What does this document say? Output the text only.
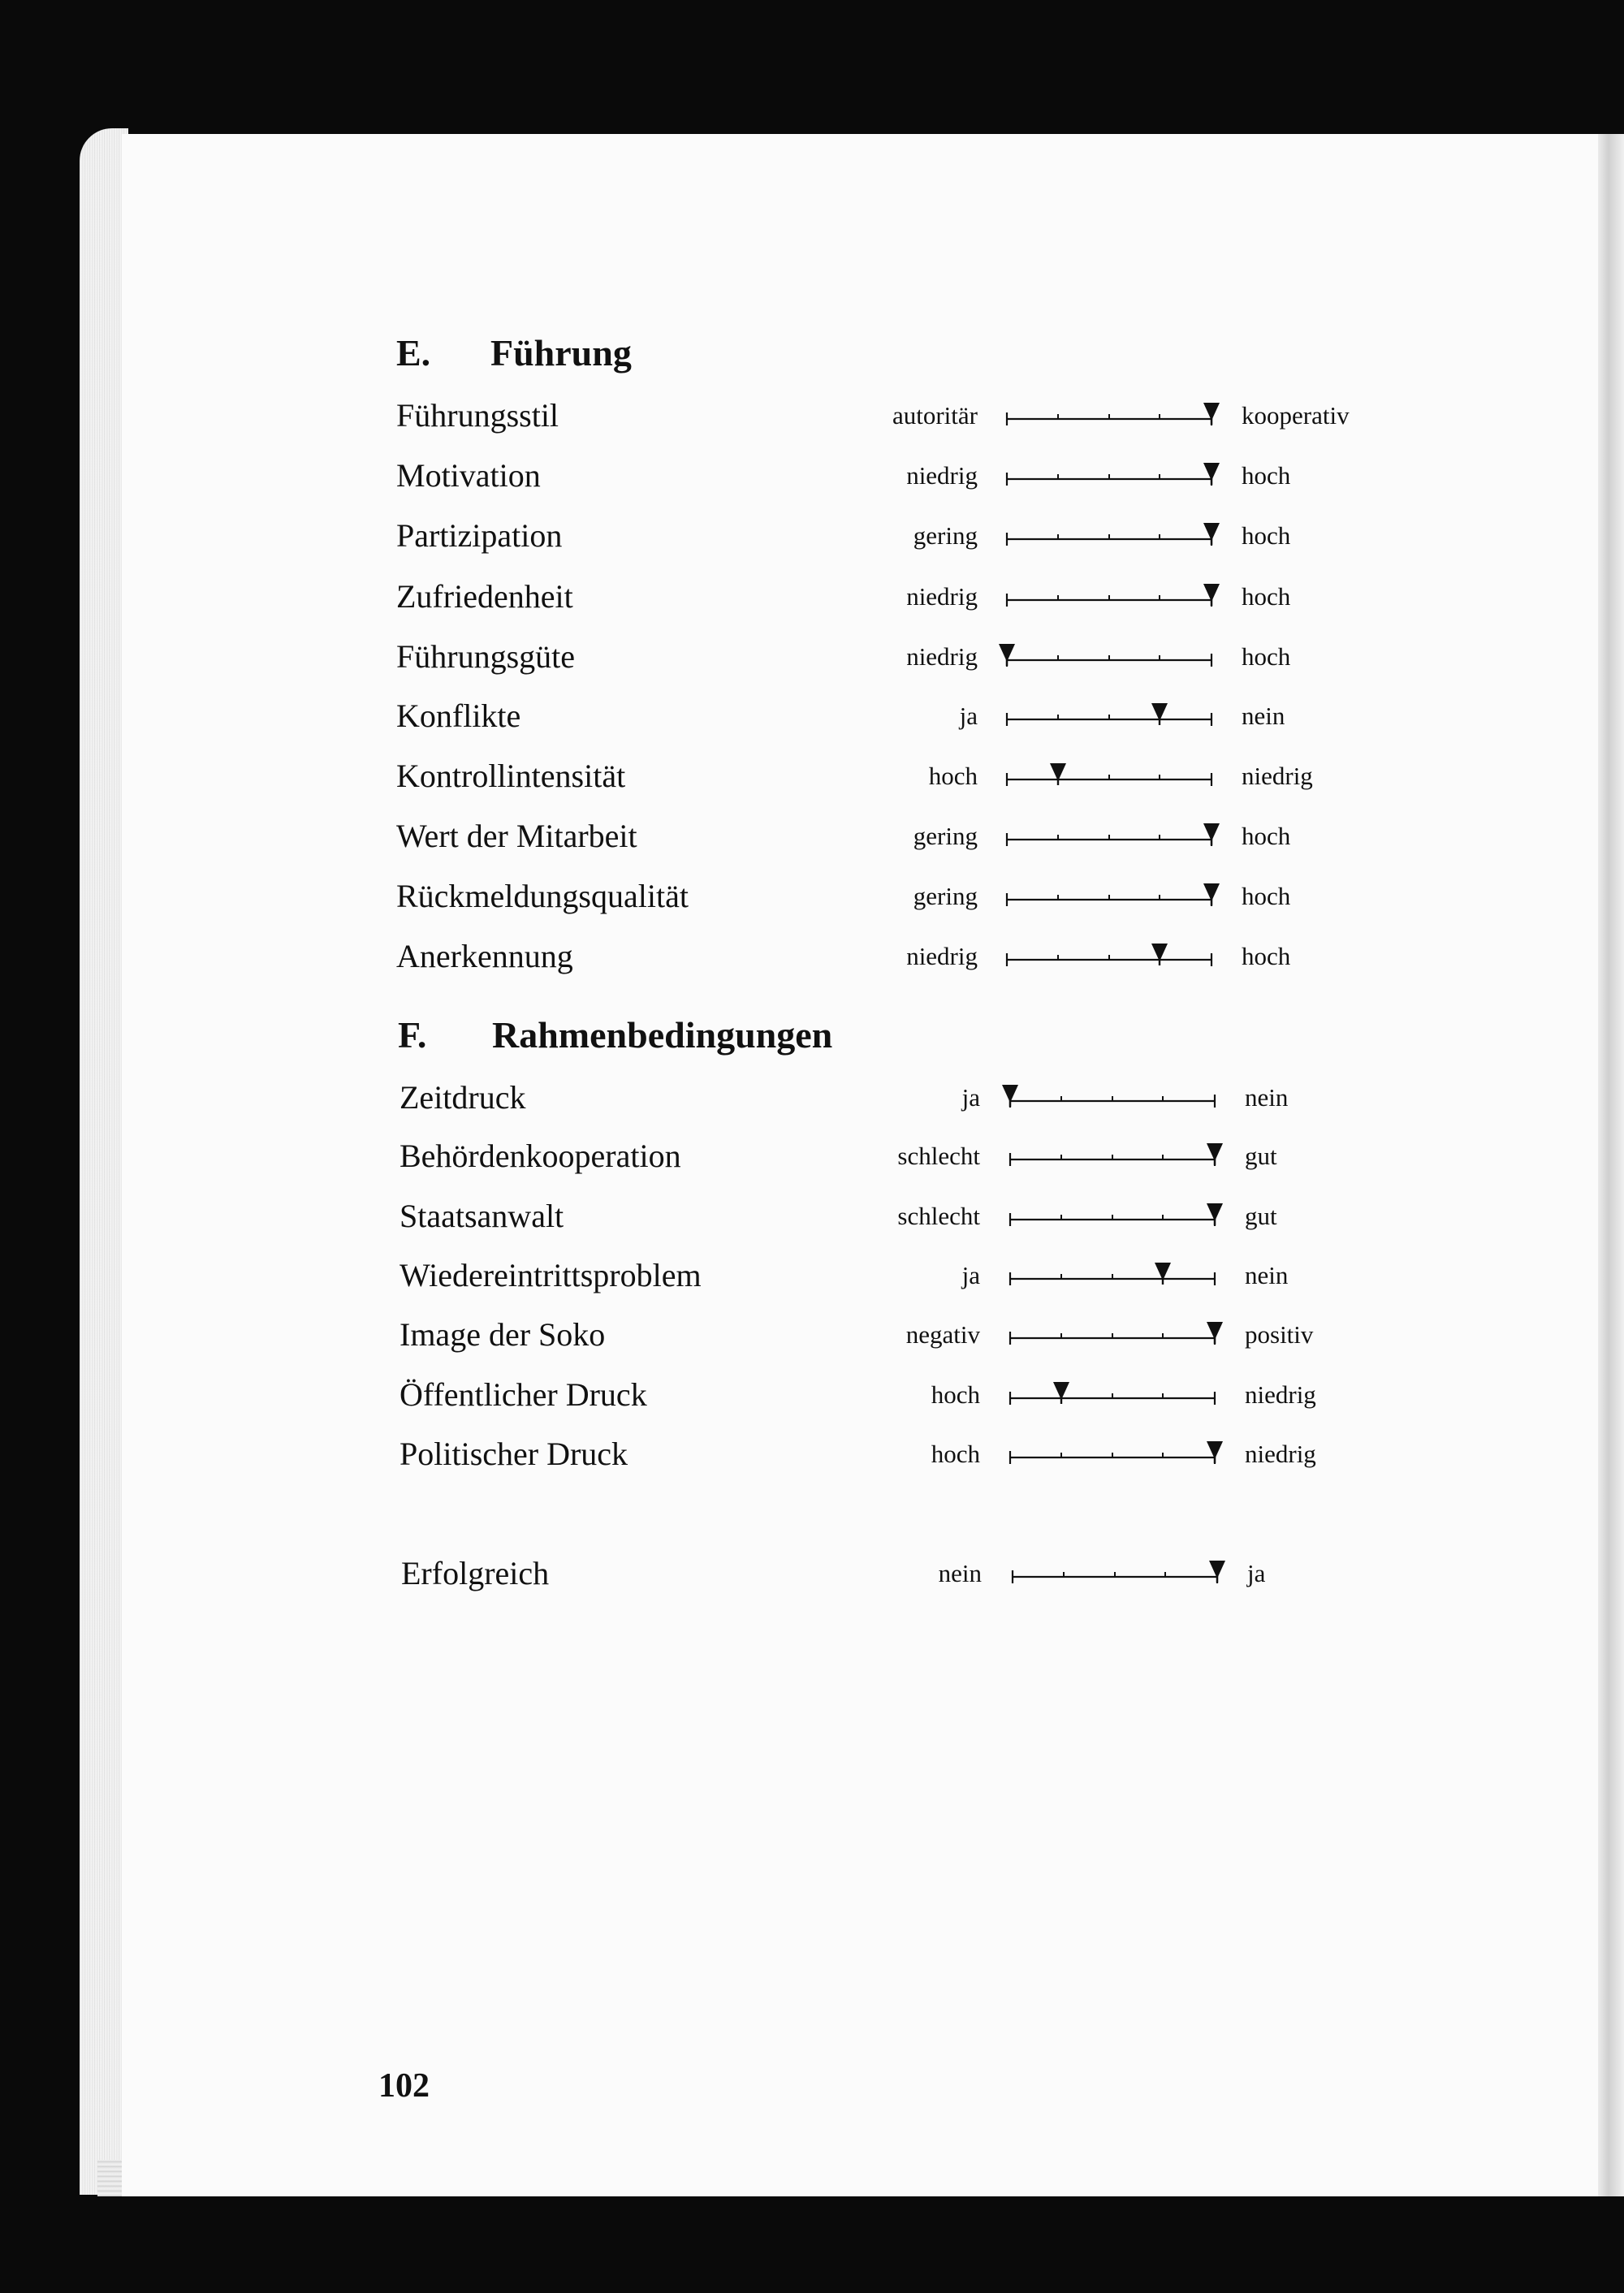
E. Führung
Führungsstil	autoritär	kooperativ
Motivation	niedrig	hoch
Partizipation	gering	hoch
Zufriedenheit	niedrig	hoch
Führungsgüte	niedrig	hoch
Konflikte	ja	nein
Kontrollintensität	hoch	niedrig
Wert der Mitarbeit	gering	hoch
Rückmeldungsqualität	gering	hoch
Anerkennung	niedrig	hoch
F. Rahmenbedingungen
Zeitdruck	ja	nein
Behördenkooperation	schlecht	gut
Staatsanwalt	schlecht	gut
Wiedereintrittsproblem	ja	nein
Image der Soko	negativ	positiv
Öffentlicher Druck	hoch	niedrig
Politischer Druck	hoch	niedrig
Erfolgreich	nein	ja
102
